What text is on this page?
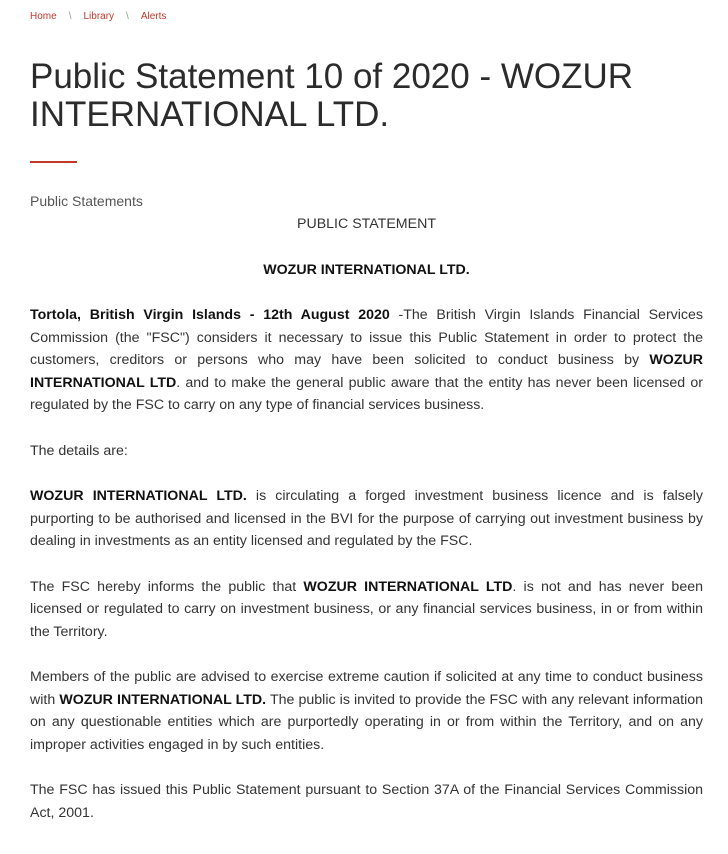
Home \ Library \ Alerts
Public Statement 10 of 2020 - WOZUR INTERNATIONAL LTD.
Public Statements

PUBLIC STATEMENT

WOZUR INTERNATIONAL LTD.

Tortola, British Virgin Islands - 12th August 2020 -The British Virgin Islands Financial Services Commission (the "FSC") considers it necessary to issue this Public Statement in order to protect the customers, creditors or persons who may have been solicited to conduct business by WOZUR INTERNATIONAL LTD. and to make the general public aware that the entity has never been licensed or regulated by the FSC to carry on any type of financial services business.

The details are:

WOZUR INTERNATIONAL LTD. is circulating a forged investment business licence and is falsely purporting to be authorised and licensed in the BVI for the purpose of carrying out investment business by dealing in investments as an entity licensed and regulated by the FSC.

The FSC hereby informs the public that WOZUR INTERNATIONAL LTD. is not and has never been licensed or regulated to carry on investment business, or any financial services business, in or from within the Territory.

Members of the public are advised to exercise extreme caution if solicited at any time to conduct business with WOZUR INTERNATIONAL LTD. The public is invited to provide the FSC with any relevant information on any questionable entities which are purportedly operating in or from within the Territory, and on any improper activities engaged in by such entities.

The FSC has issued this Public Statement pursuant to Section 37A of the Financial Services Commission Act, 2001.
